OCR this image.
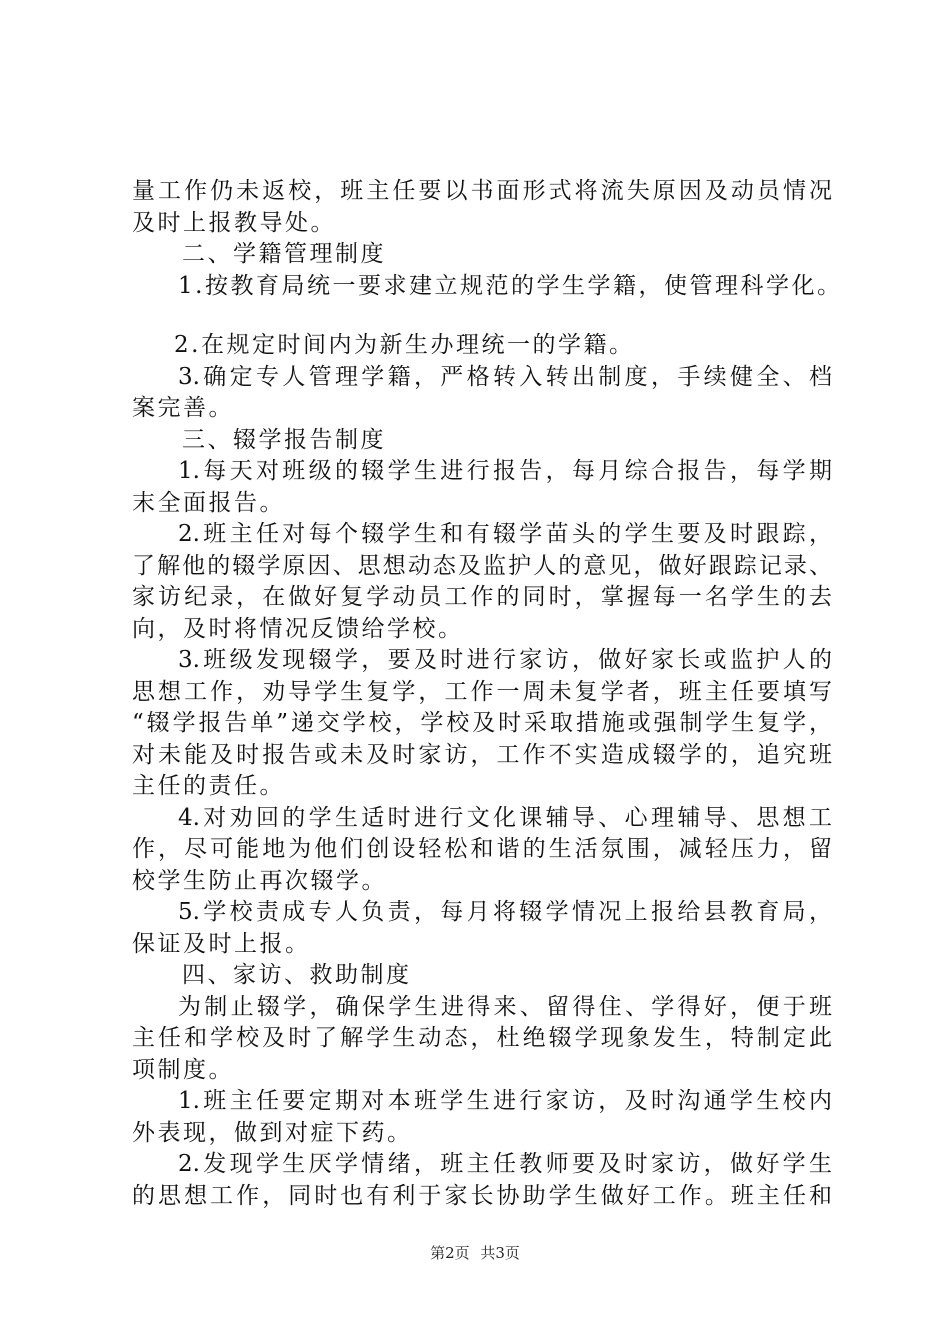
量工作仍未返校，班主任要以书面形式将流失原因及动员情况
及时上报教导处。
二、学籍管理制度
1.按教育局统一要求建立规范的学生学籍，使管理科学化。
2.在规定时间内为新生办理统一的学籍。
3.确定专人管理学籍，严格转入转出制度，手续健全、档
案完善。
三、辍学报告制度
1.每天对班级的辍学生进行报告，每月综合报告，每学期
末全面报告。
2.班主任对每个辍学生和有辍学苗头的学生要及时跟踪，
了解他的辍学原因、思想动态及监护人的意见，做好跟踪记录、
家访纪录，在做好复学动员工作的同时，掌握每一名学生的去
向，及时将情况反馈给学校。
3.班级发现辍学，要及时进行家访，做好家长或监护人的
思想工作，劝导学生复学，工作一周未复学者，班主任要填写
“辍学报告单”递交学校，学校及时采取措施或强制学生复学，
对未能及时报告或未及时家访，工作不实造成辍学的，追究班
主任的责任。
4.对劝回的学生适时进行文化课辅导、心理辅导、思想工
作，尽可能地为他们创设轻松和谐的生活氛围，减轻压力，留
校学生防止再次辍学。
5.学校责成专人负责，每月将辍学情况上报给县教育局，
保证及时上报。
四、家访、救助制度
为制止辍学，确保学生进得来、留得住、学得好，便于班
主任和学校及时了解学生动态，杜绝辍学现象发生，特制定此
项制度。
1.班主任要定期对本班学生进行家访，及时沟通学生校内
外表现，做到对症下药。
2.发现学生厌学情绪，班主任教师要及时家访，做好学生
的思想工作，同时也有利于家长协助学生做好工作。班主任和
第2页 共3页
